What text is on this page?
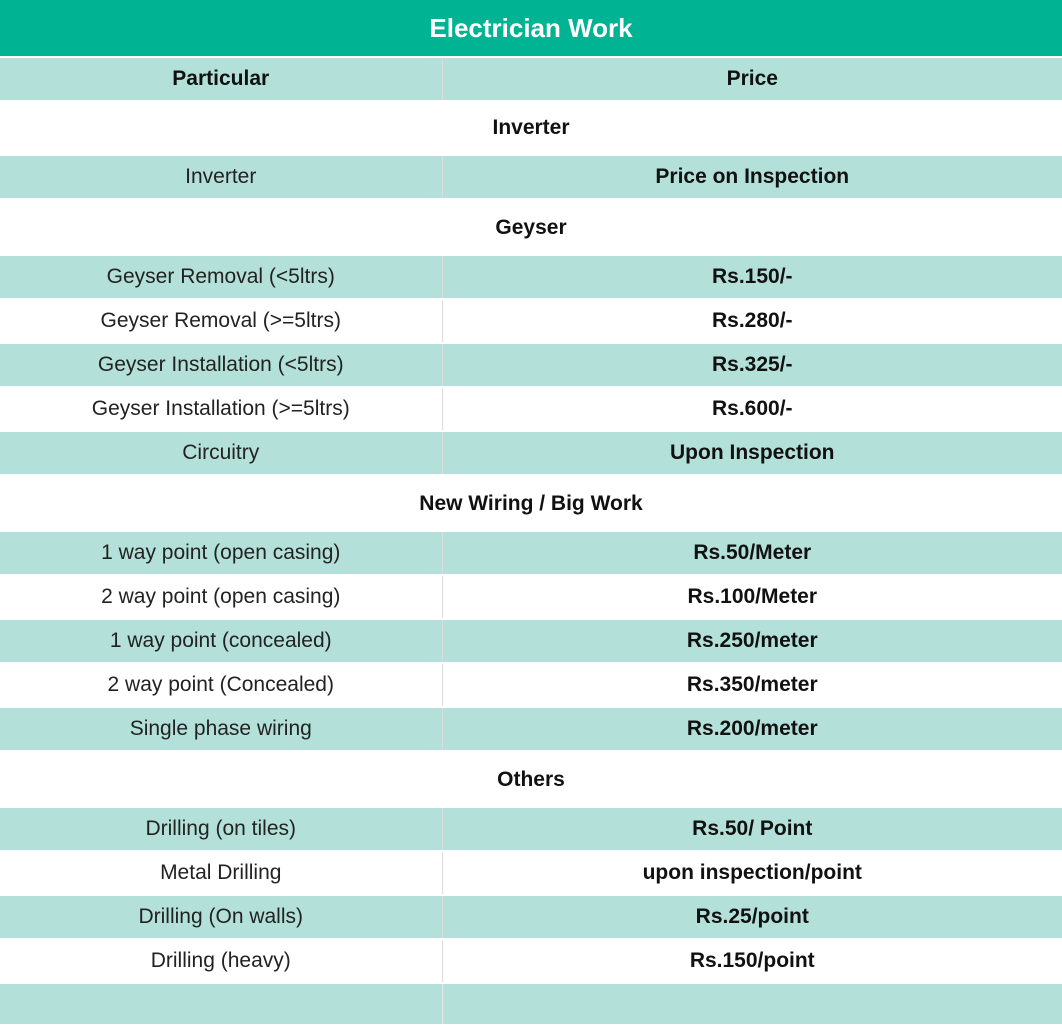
Electrician Work	
Particular	Price
Inverter	
Inverter	Price on Inspection
Geyser	
Geyser Removal (<5ltrs)	Rs.150/-
Geyser Removal (>=5ltrs)	Rs.280/-
Geyser Installation (<5ltrs)	Rs.325/-
Geyser Installation (>=5ltrs)	Rs.600/-
Circuitry	Upon Inspection
New Wiring / Big Work	
1 way point (open casing)	Rs.50/Meter
2 way point (open casing)	Rs.100/Meter
1 way point (concealed)	Rs.250/meter
2 way point (Concealed)	Rs.350/meter
Single phase wiring	Rs.200/meter
Others	
Drilling (on tiles)	Rs.50/ Point
Metal Drilling	upon inspection/point
Drilling (On walls)	Rs.25/point
Drilling (heavy)	Rs.150/point
